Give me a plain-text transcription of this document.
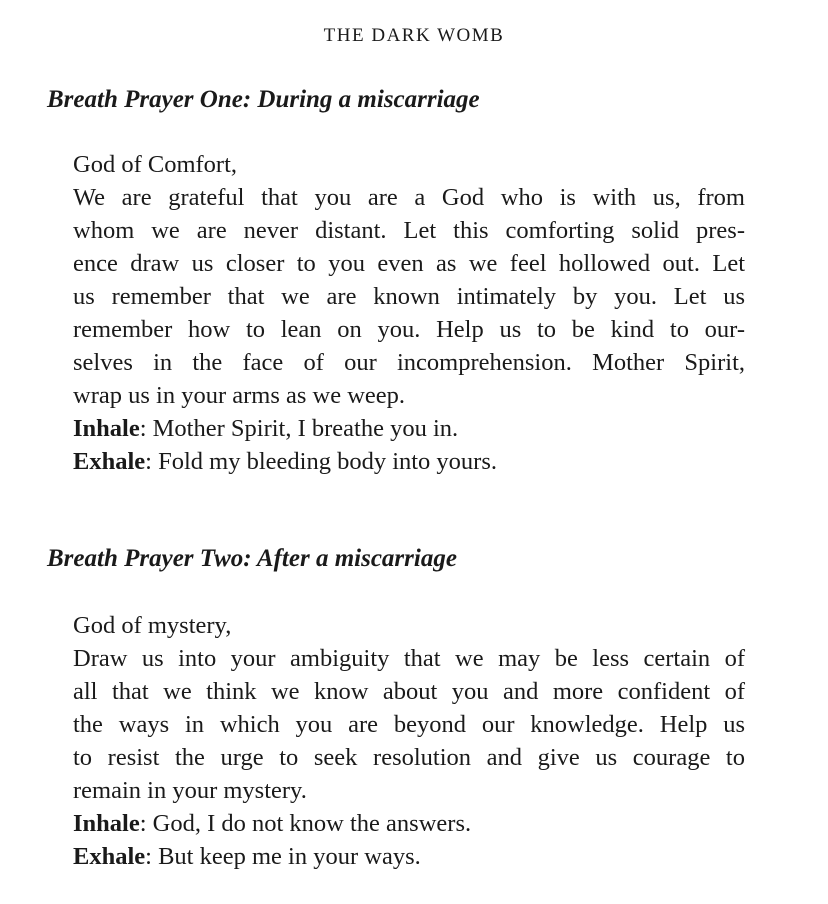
THE DARK WOMB
Breath Prayer One: During a miscarriage
God of Comfort,
We are grateful that you are a God who is with us, from
whom we are never distant. Let this comforting solid pres-
ence draw us closer to you even as we feel hollowed out. Let
us remember that we are known intimately by you. Let us
remember how to lean on you. Help us to be kind to our-
selves in the face of our incomprehension. Mother Spirit,
wrap us in your arms as we weep.
Inhale: Mother Spirit, I breathe you in.
Exhale: Fold my bleeding body into yours.
Breath Prayer Two: After a miscarriage
God of mystery,
Draw us into your ambiguity that we may be less certain of
all that we think we know about you and more confident of
the ways in which you are beyond our knowledge. Help us
to resist the urge to seek resolution and give us courage to
remain in your mystery.
Inhale: God, I do not know the answers.
Exhale: But keep me in your ways.
